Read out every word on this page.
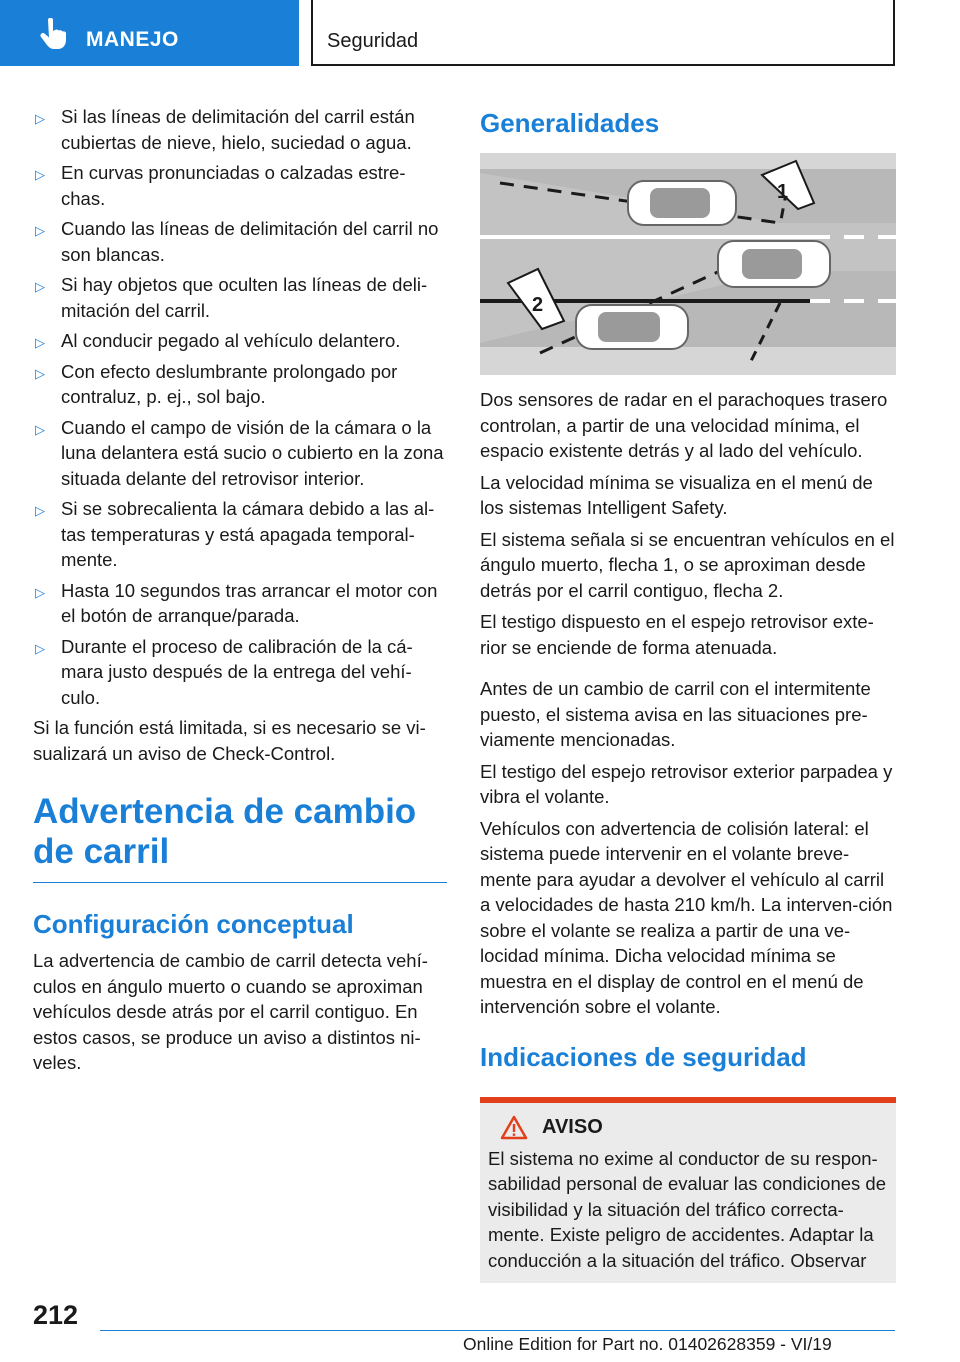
MANEJO	Seguridad
▷ Si las líneas de delimitación del carril están cubiertas de nieve, hielo, suciedad o agua.
▷ En curvas pronunciadas o calzadas estre-chas.
▷ Cuando las líneas de delimitación del carril no son blancas.
▷ Si hay objetos que oculten las líneas de deli-mitación del carril.
▷ Al conducir pegado al vehículo delantero.
▷ Con efecto deslumbrante prolongado por contraluz, p. ej., sol bajo.
▷ Cuando el campo de visión de la cámara o la luna delantera está sucio o cubierto en la zona situada delante del retrovisor interior.
▷ Si se sobrecalienta la cámara debido a las al-tas temperaturas y está apagada temporal-mente.
▷ Hasta 10 segundos tras arrancar el motor con el botón de arranque/parada.
▷ Durante el proceso de calibración de la cá-mara justo después de la entrega del vehí-culo.

Si la función está limitada, si es necesario se vi-sualizará un aviso de Check-Control.

Advertencia de cambio de carril
Configuración conceptual

La advertencia de cambio de carril detecta vehí-culos en ángulo muerto o cuando se aproximan vehículos desde atrás por el carril contiguo. En estos casos, se produce un aviso a distintos ni-veles.

Generalidades
1
2

Dos sensores de radar en el parachoques trasero controlan, a partir de una velocidad mínima, el espacio existente detrás y al lado del vehículo.

La velocidad mínima se visualiza en el menú de los sistemas Intelligent Safety.

El sistema señala si se encuentran vehículos en el ángulo muerto, flecha 1, o se aproximan desde detrás por el carril contiguo, flecha 2.

El testigo dispuesto en el espejo retrovisor exte-rior se enciende de forma atenuada.

Antes de un cambio de carril con el intermitente puesto, el sistema avisa en las situaciones pre-viamente mencionadas.

El testigo del espejo retrovisor exterior parpadea y vibra el volante.

Vehículos con advertencia de colisión lateral: el sistema puede intervenir en el volante breve-mente para ayudar a devolver el vehículo al carril a velocidades de hasta 210 km/h. La interven-ción sobre el volante se realiza a partir de una ve-locidad mínima. Dicha velocidad mínima se muestra en el display de control en el menú de intervención sobre el volante.

Indicaciones de seguridad
AVISO

El sistema no exime al conductor de su respon-sabilidad personal de evaluar las condiciones de visibilidad y la situación del tráfico correcta-mente. Existe peligro de accidentes. Adaptar la conducción a la situación del tráfico. Observar

212
Online Edition for Part no. 01402628359 - VI/19
